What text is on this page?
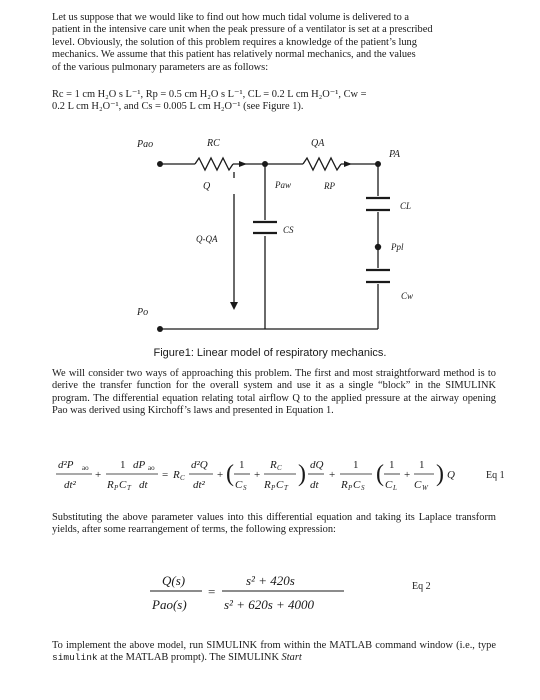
Let us suppose that we would like to find out how much tidal volume is delivered to a
patient in the intensive care unit when the peak pressure of a ventilator is set at a prescribed
level. Obviously, the solution of this problem requires a knowledge of the patient’s lung
mechanics. We assume that this patient has relatively normal mechanics, and the values
of the various pulmonary parameters are as follows:
Rc = 1 cm H₂O s L⁻¹, Rp = 0.5 cm H₂O s L⁻¹, CL = 0.2 L cm H₂O⁻¹, Cw =
0.2 L cm H₂O⁻¹, and Cs = 0.005 L cm H₂O⁻¹ (see Figure 1).
Pao	RC	QA
PA
Q	Paw	RP
CL
Q-QA
CS
Ppl
Cw
Po
Figure1: Linear model of respiratory mechanics.
We will consider two ways of approaching this problem. The first and most straightforward method is to derive the transfer function for the overall system and use it as a single “block” in the SIMULINK program. The differential equation relating total airflow Q to the applied pressure at the airway opening Pao was derived using Kirchoff’s laws and presented in Equation 1.
d²P ao
dt²
+
1 dP ao
R P C T dt
= R C
d²Q
dt²
+ ( 1
C S
+
R C
R P C T
) dQ
dt
+
1
R P C S
( 1
C L
+
1
C W
) Q	Eq 1
Substituting the above parameter values into this differential equation and taking its Laplace transform yields, after some rearrangement of terms, the following expression:
Q(s)
Pao(s)
=
s² + 420s
s² + 620s + 4000
Eq 2
To implement the above model, run SIMULINK from within the MATLAB command window (i.e., type simulink at the MATLAB prompt). The SIMULINK Start
